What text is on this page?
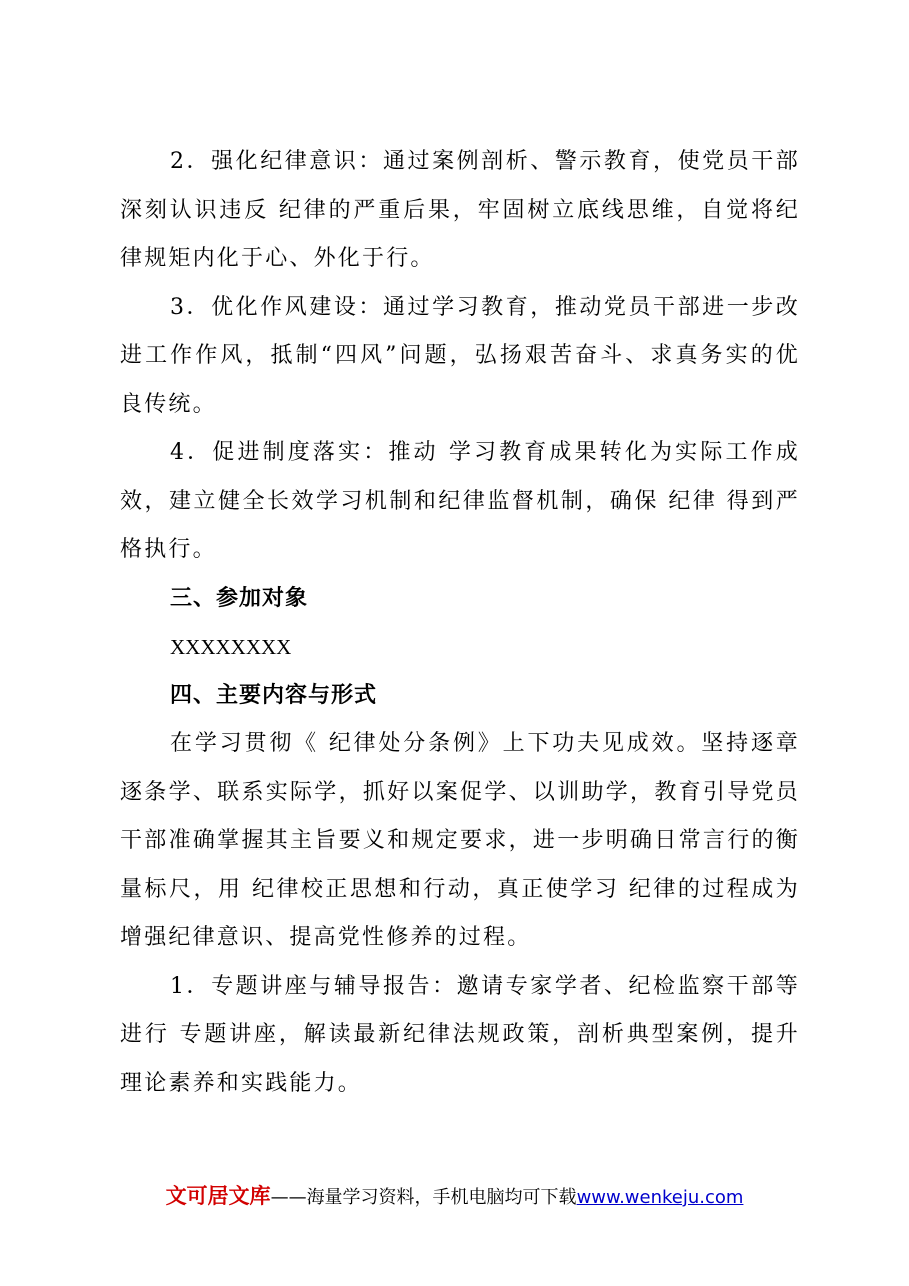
2．强化纪律意识：通过案例剖析、警示教育，使党员干部深刻认识违反 纪律的严重后果，牢固树立底线思维，自觉将纪律规矩内化于心、外化于行。

3．优化作风建设：通过学习教育，推动党员干部进一步改进工作作风，抵制“四风”问题，弘扬艰苦奋斗、求真务实的优良传统。

4．促进制度落实：推动 学习教育成果转化为实际工作成效，建立健全长效学习机制和纪律监督机制，确保 纪律 得到严格执行。

三、参加对象

XXXXXXXX

四、主要内容与形式

在学习贯彻《 纪律处分条例》上下功夫见成效。坚持逐章逐条学、联系实际学，抓好以案促学、以训助学，教育引导党员干部准确掌握其主旨要义和规定要求，进一步明确日常言行的衡量标尺，用 纪律校正思想和行动，真正使学习 纪律的过程成为增强纪律意识、提高党性修养的过程。

1．专题讲座与辅导报告：邀请专家学者、纪检监察干部等进行 专题讲座，解读最新纪律法规政策，剖析典型案例，提升理论素养和实践能力。

文可居文库——海量学习资料，手机电脑均可下载www.wenkeju.com
